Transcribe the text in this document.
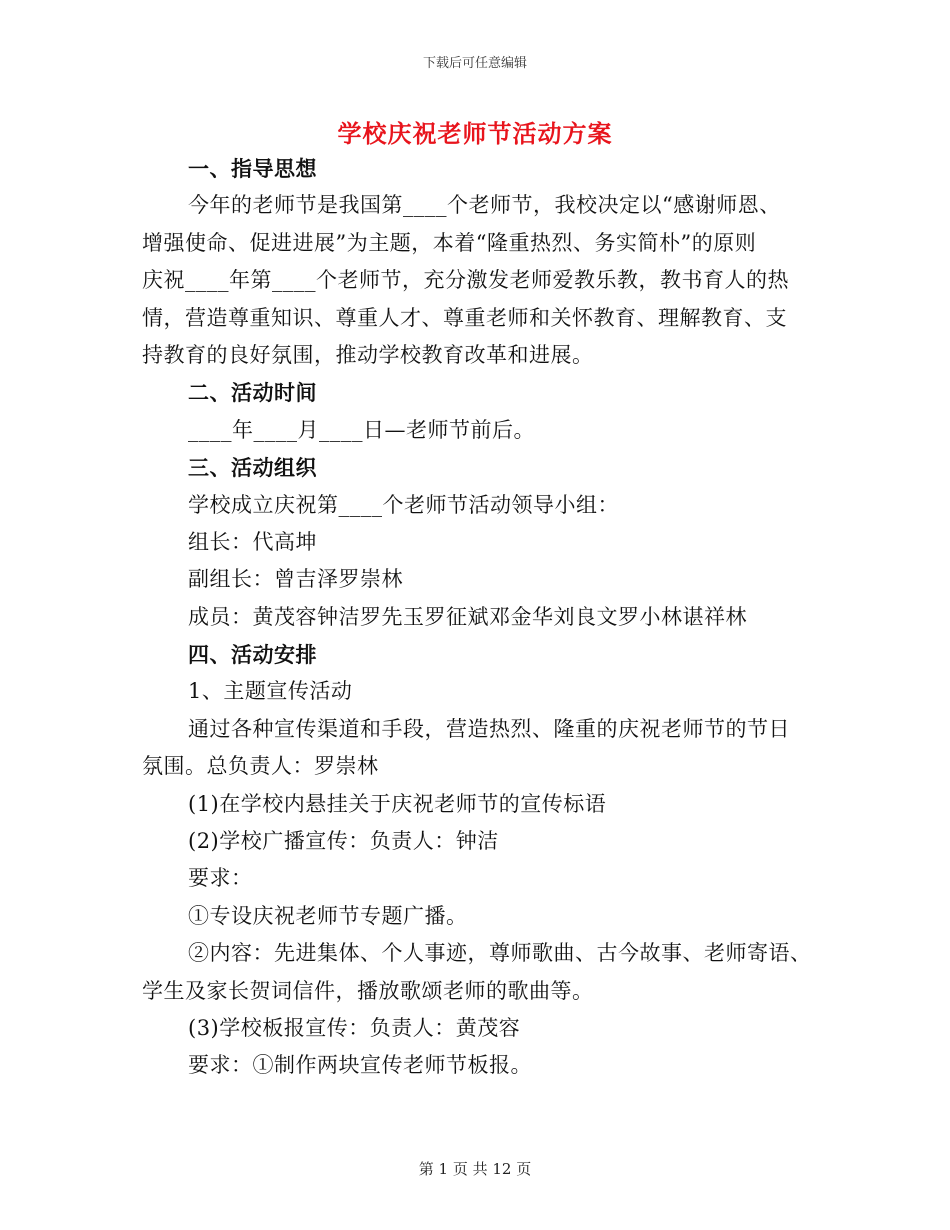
下载后可任意编辑
学校庆祝老师节活动方案
一、指导思想
今年的老师节是我国第____个老师节，我校决定以“感谢师恩、
增强使命、促进进展”为主题，本着“隆重热烈、务实简朴”的原则
庆祝____年第____个老师节，充分激发老师爱教乐教，教书育人的热
情，营造尊重知识、尊重人才、尊重老师和关怀教育、理解教育、支
持教育的良好氛围，推动学校教育改革和进展。
二、活动时间
____年____月____日—老师节前后。
三、活动组织
学校成立庆祝第____个老师节活动领导小组：
组长：代高坤
副组长：曾吉泽罗崇林
成员：黄茂容钟洁罗先玉罗征斌邓金华刘良文罗小林谌祥林
四、活动安排
1、主题宣传活动
通过各种宣传渠道和手段，营造热烈、隆重的庆祝老师节的节日
氛围。总负责人：罗崇林
(1)在学校内悬挂关于庆祝老师节的宣传标语
(2)学校广播宣传：负责人：钟洁
要求：
①专设庆祝老师节专题广播。
②内容：先进集体、个人事迹，尊师歌曲、古今故事、老师寄语、
学生及家长贺词信件，播放歌颂老师的歌曲等。
(3)学校板报宣传：负责人：黄茂容
要求：①制作两块宣传老师节板报。
第 1 页 共 12 页
